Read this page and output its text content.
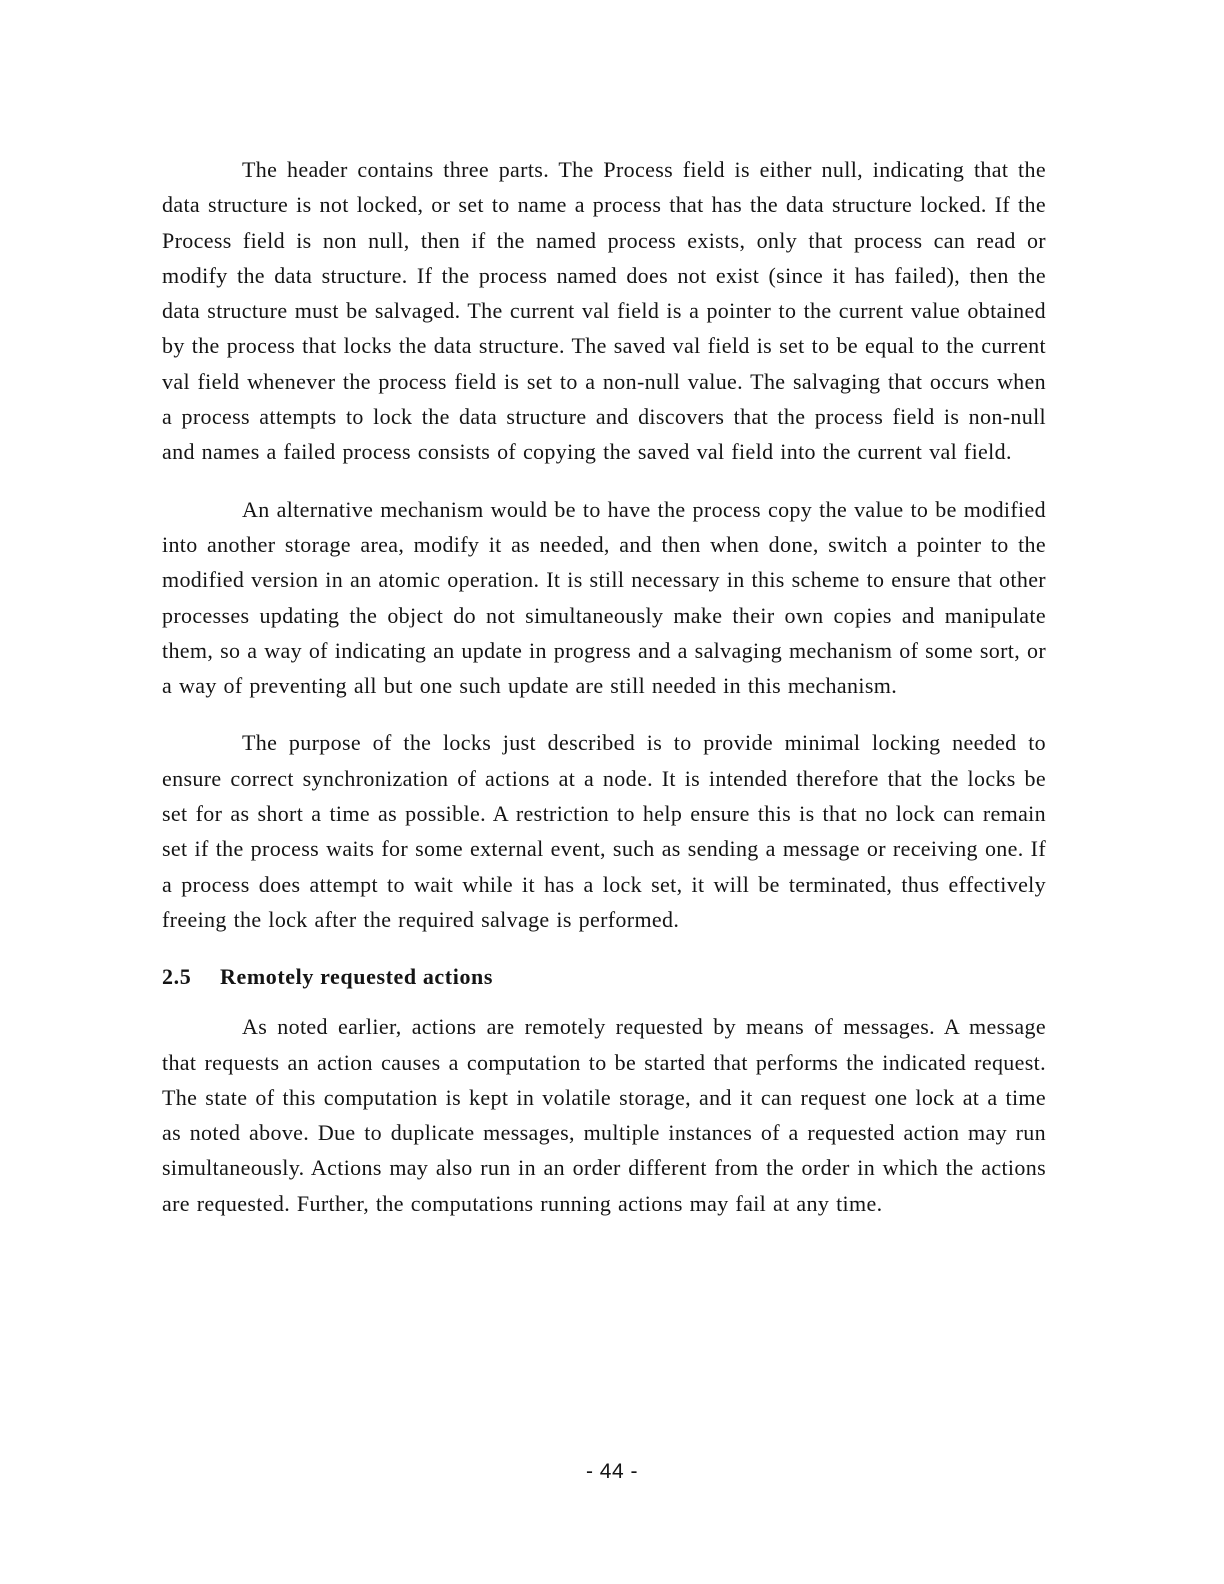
The header contains three parts. The Process field is either null, indicating that the data structure is not locked, or set to name a process that has the data structure locked. If the Process field is non null, then if the named process exists, only that process can read or modify the data structure. If the process named does not exist (since it has failed), then the data structure must be salvaged. The current val field is a pointer to the current value obtained by the process that locks the data structure. The saved val field is set to be equal to the current val field whenever the process field is set to a non-null value. The salvaging that occurs when a process attempts to lock the data structure and discovers that the process field is non-null and names a failed process consists of copying the saved val field into the current val field.

An alternative mechanism would be to have the process copy the value to be modified into another storage area, modify it as needed, and then when done, switch a pointer to the modified version in an atomic operation. It is still necessary in this scheme to ensure that other processes updating the object do not simultaneously make their own copies and manipulate them, so a way of indicating an update in progress and a salvaging mechanism of some sort, or a way of preventing all but one such update are still needed in this mechanism.

The purpose of the locks just described is to provide minimal locking needed to ensure correct synchronization of actions at a node. It is intended therefore that the locks be set for as short a time as possible. A restriction to help ensure this is that no lock can remain set if the process waits for some external event, such as sending a message or receiving one. If a process does attempt to wait while it has a lock set, it will be terminated, thus effectively freeing the lock after the required salvage is performed.

2.5 Remotely requested actions

As noted earlier, actions are remotely requested by means of messages. A message that requests an action causes a computation to be started that performs the indicated request. The state of this computation is kept in volatile storage, and it can request one lock at a time as noted above. Due to duplicate messages, multiple instances of a requested action may run simultaneously. Actions may also run in an order different from the order in which the actions are requested. Further, the computations running actions may fail at any time.

- 44 -
